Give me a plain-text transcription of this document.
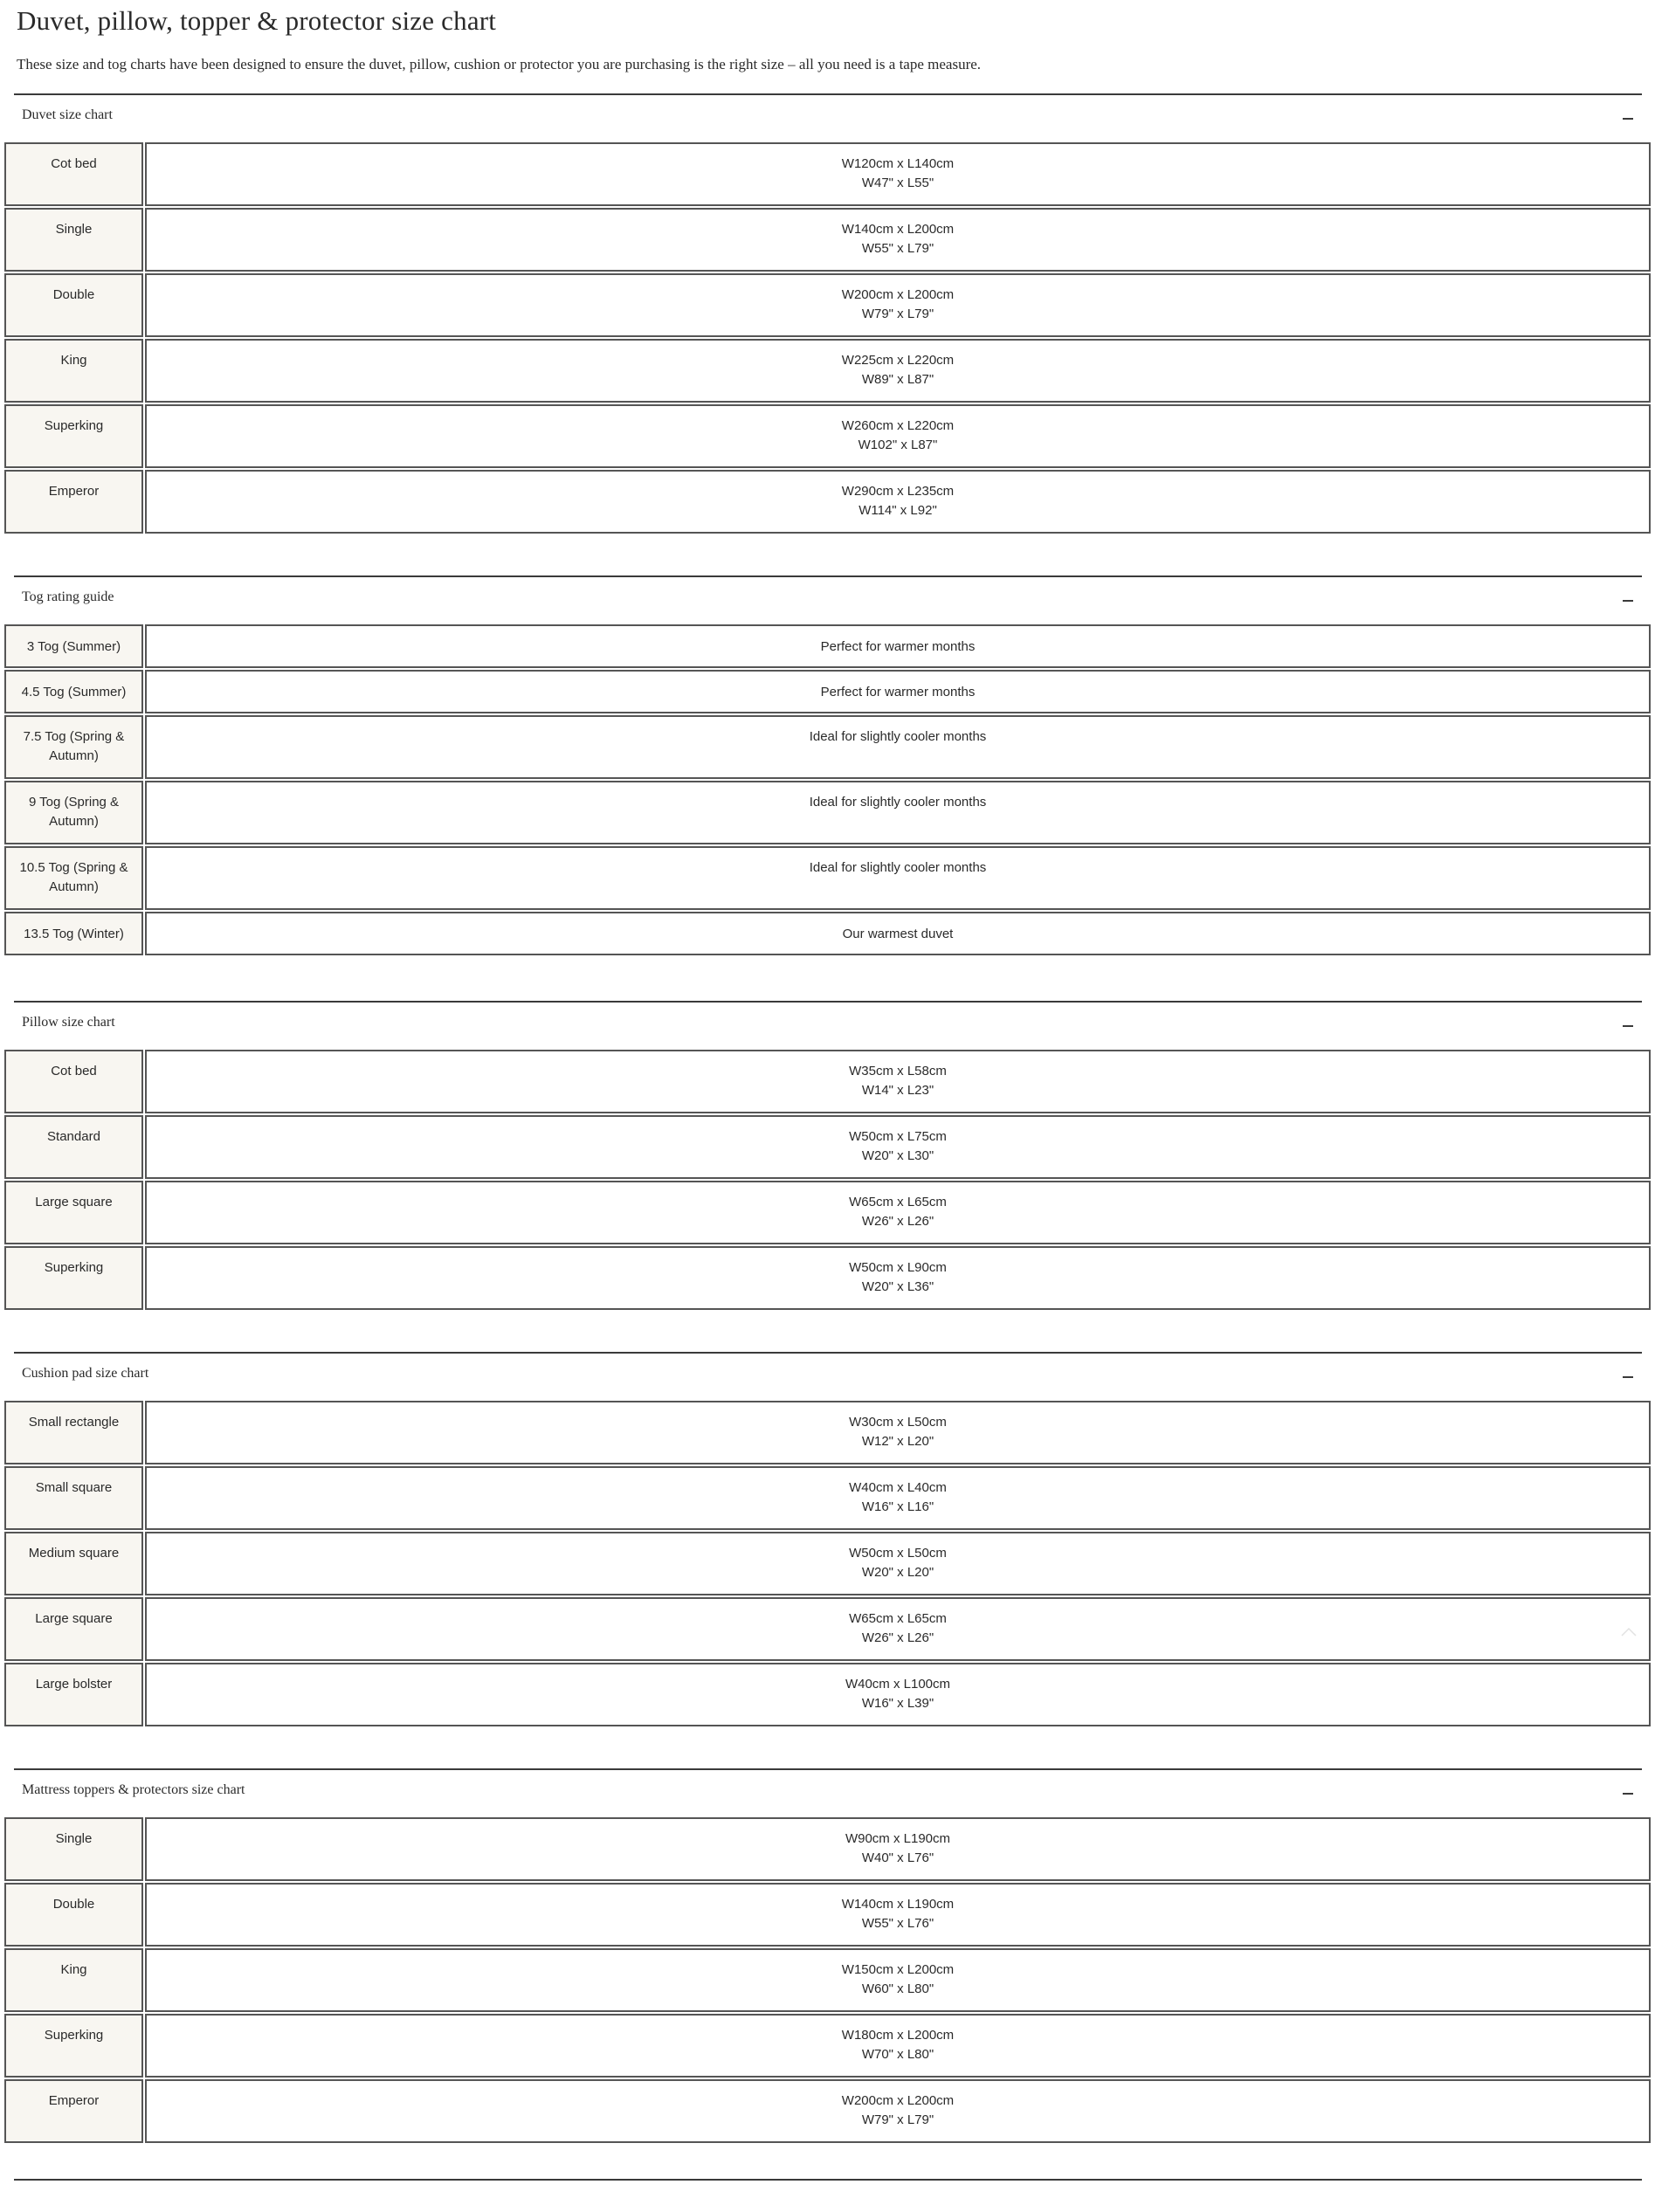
Duvet, pillow, topper & protector size chart

These size and tog charts have been designed to ensure the duvet, pillow, cushion or protector you are purchasing is the right size – all you need is a tape measure.

Duvet size chart
Cot bed	W120cm x L140cm
W47" x L55"
Single	W140cm x L200cm
W55" x L79"
Double	W200cm x L200cm
W79" x L79"
King	W225cm x L220cm
W89" x L87"
Superking	W260cm x L220cm
W102" x L87"
Emperor	W290cm x L235cm
W114" x L92"
Tog rating guide
3 Tog (Summer)	Perfect for warmer months
4.5 Tog (Summer)	Perfect for warmer months
7.5 Tog (Spring & Autumn)
Ideal for slightly cooler months
9 Tog (Spring & Autumn)
Ideal for slightly cooler months
10.5 Tog (Spring & Autumn)
Ideal for slightly cooler months
13.5 Tog (Winter)	Our warmest duvet
Pillow size chart
Cot bed	W35cm x L58cm
W14" x L23"
Standard	W50cm x L75cm
W20" x L30"
Large square	W65cm x L65cm
W26" x L26"
Superking	W50cm x L90cm
W20" x L36"
Cushion pad size chart
Small rectangle	W30cm x L50cm
W12" x L20"
Small square	W40cm x L40cm
W16" x L16"
Medium square	W50cm x L50cm
W20" x L20"
Large square	W65cm x L65cm
W26" x L26"
Large bolster	W40cm x L100cm
W16" x L39"
Mattress toppers & protectors size chart
Single	W90cm x L190cm
W40" x L76"
Double	W140cm x L190cm
W55" x L76"
King	W150cm x L200cm
W60" x L80"
Superking	W180cm x L200cm
W70" x L80"
Emperor	W200cm x L200cm
W79" x L79"
